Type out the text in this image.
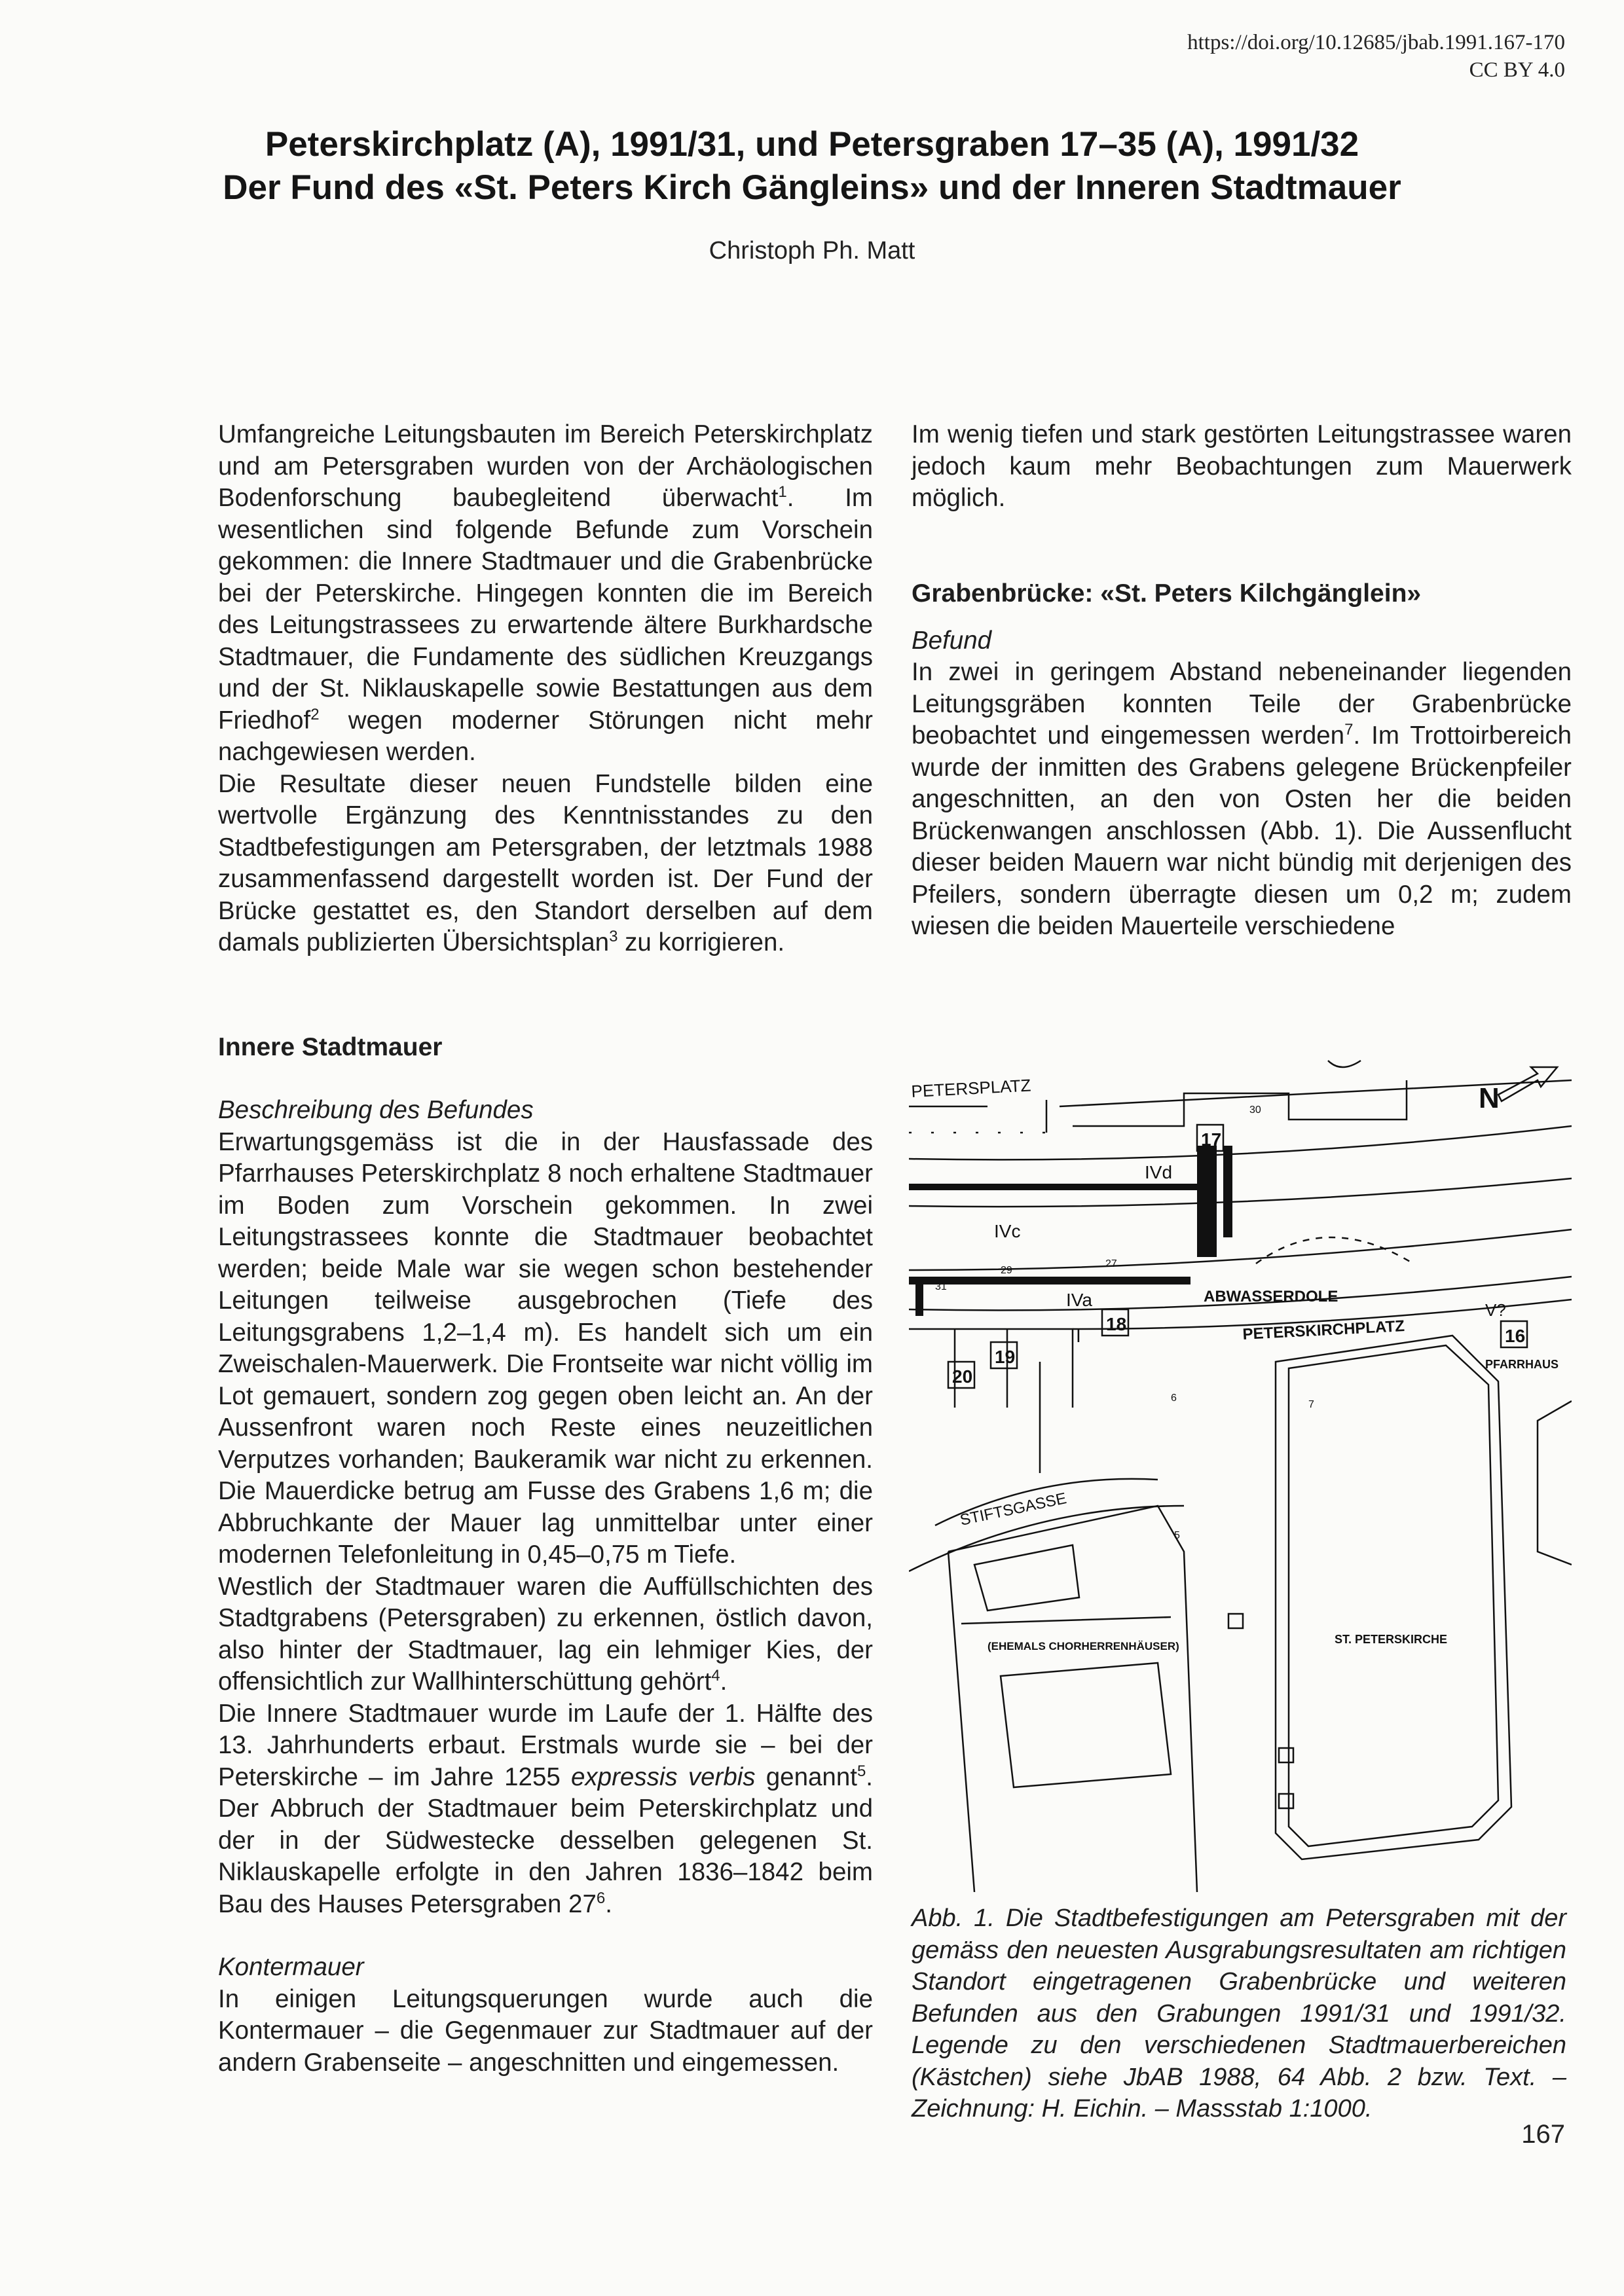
https://doi.org/10.12685/jbab.1991.167-170
CC BY 4.0
Peterskirchplatz (A), 1991/31, und Petersgraben 17–35 (A), 1991/32
Der Fund des «St. Peters Kirch Gängleins» und der Inneren Stadtmauer
Christoph Ph. Matt

Umfangreiche Leitungsbauten im Bereich Peterskirchplatz und am Petersgraben wurden von der Archäologischen Bodenforschung baubegleitend überwacht$^1$. Im wesentlichen sind folgende Befunde zum Vorschein gekommen: die Innere Stadtmauer und die Grabenbrücke bei der Peterskirche. Hingegen konnten die im Bereich des Leitungstrassees zu erwartende ältere Burkhardsche Stadtmauer, die Fundamente des südlichen Kreuzgangs und der St. Niklauskapelle sowie Bestattungen aus dem Friedhof$^2$ wegen moderner Störungen nicht mehr nachgewiesen werden.

Die Resultate dieser neuen Fundstelle bilden eine wertvolle Ergänzung des Kenntnisstandes zu den Stadtbefestigungen am Petersgraben, der letztmals 1988 zusammenfassend dargestellt worden ist. Der Fund der Brücke gestattet es, den Standort derselben auf dem damals publizierten Übersichtsplan$^3$ zu korrigieren.

Im wenig tiefen und stark gestörten Leitungstrassee waren jedoch kaum mehr Beobachtungen zum Mauerwerk möglich.

Grabenbrücke: «St. Peters Kilchgänglein»

Befund

In zwei in geringem Abstand nebeneinander liegenden Leitungsgräben konnten Teile der Grabenbrücke beobachtet und eingemessen werden$^7$. Im Trottoirbereich wurde der inmitten des Grabens gelegene Brückenpfeiler angeschnitten, an den von Osten her die beiden Brückenwangen anschlossen (Abb. 1). Die Aussenflucht dieser beiden Mauern war nicht bündig mit derjenigen des Pfeilers, sondern überragte diesen um 0,2 m; zudem wiesen die beiden Mauerteile verschiedene

Innere Stadtmauer

Beschreibung des Befundes

Erwartungsgemäss ist die in der Hausfassade des Pfarrhauses Peterskirchplatz 8 noch erhaltene Stadtmauer im Boden zum Vorschein gekommen. In zwei Leitungstrassees konnte die Stadtmauer beobachtet werden; beide Male war sie wegen schon bestehender Leitungen teilweise ausgebrochen (Tiefe des Leitungsgrabens 1,2–1,4 m). Es handelt sich um ein Zweischalen-Mauerwerk. Die Frontseite war nicht völlig im Lot gemauert, sondern zog gegen oben leicht an. An der Aussenfront waren noch Reste eines neuzeitlichen Verputzes vorhanden; Baukeramik war nicht zu erkennen. Die Mauerdicke betrug am Fusse des Grabens 1,6 m; die Abbruchkante der Mauer lag unmittelbar unter einer modernen Telefonleitung in 0,45–0,75 m Tiefe.

Westlich der Stadtmauer waren die Auffüllschichten des Stadtgrabens (Petersgraben) zu erkennen, östlich davon, also hinter der Stadtmauer, lag ein lehmiger Kies, der offensichtlich zur Wallhinterschüttung gehört$^4$.

Die Innere Stadtmauer wurde im Laufe der 1. Hälfte des 13. Jahrhunderts erbaut. Erstmals wurde sie – bei der Peterskirche – im Jahre 1255 expressis verbis genannt$^5$. Der Abbruch der Stadtmauer beim Peterskirchplatz und der in der Südwestecke desselben gelegenen St. Niklauskapelle erfolgte in den Jahren 1836–1842 beim Bau des Hauses Petersgraben $27^6$.

Kontermauer

In einigen Leitungsquerungen wurde auch die Kontermauer – die Gegenmauer zur Stadtmauer auf der andern Grabenseite – angeschnitten und eingemessen.

N
17
18
19
20
16
PETERSPLATZ
IVd
IVc
IVa
I
ABWASSERDOLE
PETERSKIRCHPLATZ
V?
PFARRHAUS
STIFTSGASSE
(EHEMALS CHORHERRENHÄUSER)
ST. PETERSKIRCHE
27
29
31
30
6
5
7

Abb. 1. Die Stadtbefestigungen am Petersgraben mit der gemäss den neuesten Ausgrabungsresultaten am richtigen Standort eingetragenen Grabenbrücke und weiteren Befunden aus den Grabungen 1991/31 und 1991/32. Legende zu den verschiedenen Stadtmauerbereichen (Kästchen) siehe JbAB 1988, 64 Abb. 2 bzw. Text. – Zeichnung: H. Eichin. – Massstab 1:1000.

167
